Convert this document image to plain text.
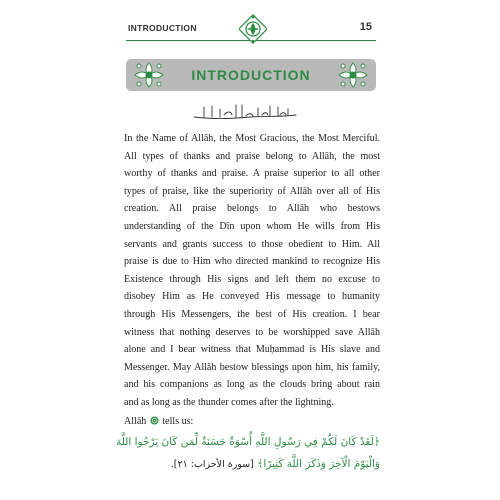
INTRODUCTION	15
INTRODUCTION
In the Name of Allāh, the Most Gracious, the Most Merciful.
All types of thanks and praise belong to Allāh, the most
worthy of thanks and praise. A praise superior to all other
types of praise, like the superiority of Allāh over all of His
creation. All praise belongs to Allāh who bestows
understanding of the Dīn upon whom He wills from His
servants and grants success to those obedient to Him. All
praise is due to Him who directed mankind to recognize His
Existence through His signs and left them no excuse to
disobey Him as He conveyed His message to humanity
through His Messengers, the best of His creation. I bear
witness that nothing deserves to be worshipped save Allāh
alone and I bear witness that Muḥammad is His slave and
Messenger. May Allāh bestow blessings upon him, his family,
and his companions as long as the clouds bring about rain
and as long as the thunder comes after the lightning.
Allāh tells us:
﴿لَقَدْ كَانَ لَكُمْ فِي رَسُولِ اللَّهِ أُسْوَةٌ حَسَنَةٌ لِّمَن كَانَ يَرْجُوا اللَّهَ
وَالْيَوْمَ الْآخِرَ وَذَكَرَ اللَّهَ كَثِيرًا﴾ [سورة الأحزاب: ٢١].
